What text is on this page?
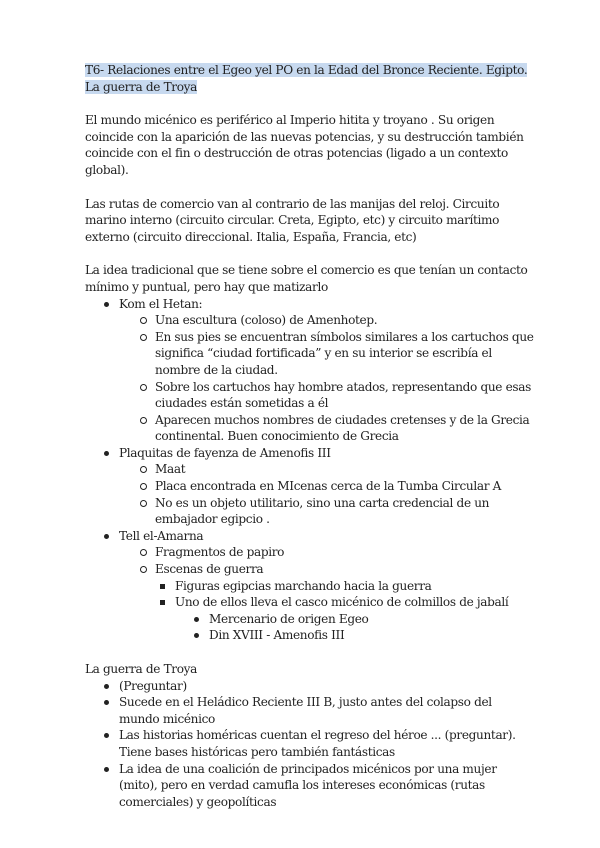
T6- Relaciones entre el Egeo yel PO en la Edad del Bronce Reciente. Egipto. La guerra de Troya

El mundo micénico es periférico al Imperio hitita y troyano . Su origen coincide con la aparición de las nuevas potencias, y su destrucción también coincide con el fin o destrucción de otras potencias (ligado a un contexto global).

Las rutas de comercio van al contrario de las manijas del reloj. Circuito marino interno (circuito circular. Creta, Egipto, etc) y circuito marítimo externo (circuito direccional. Italia, España, Francia, etc)

La idea tradicional que se tiene sobre el comercio es que tenían un contacto mínimo y puntual, pero hay que matizarlo

Kom el Hetan:
Una escultura (coloso) de Amenhotep.
En sus pies se encuentran símbolos similares a los cartuchos que significa “ciudad fortificada” y en su interior se escribía el nombre de la ciudad.
Sobre los cartuchos hay hombre atados, representando que esas ciudades están sometidas a él
Aparecen muchos nombres de ciudades cretenses y de la Grecia continental. Buen conocimiento de Grecia
Plaquitas de fayenza de Amenofis III
Maat
Placa encontrada en MIcenas cerca de la Tumba Circular A
No es un objeto utilitario, sino una carta credencial de un embajador egipcio .
Tell el-Amarna
Fragmentos de papiro
Escenas de guerra
Figuras egipcias marchando hacia la guerra
Uno de ellos lleva el casco micénico de colmillos de jabalí
Mercenario de origen Egeo
Din XVIII - Amenofis III

La guerra de Troya

(Preguntar)
Sucede en el Heládico Reciente III B, justo antes del colapso del mundo micénico
Las historias homéricas cuentan el regreso del héroe ... (preguntar). Tiene bases históricas pero también fantásticas
La idea de una coalición de principados micénicos por una mujer (mito), pero en verdad camufla los intereses económicas (rutas comerciales) y geopolíticas
